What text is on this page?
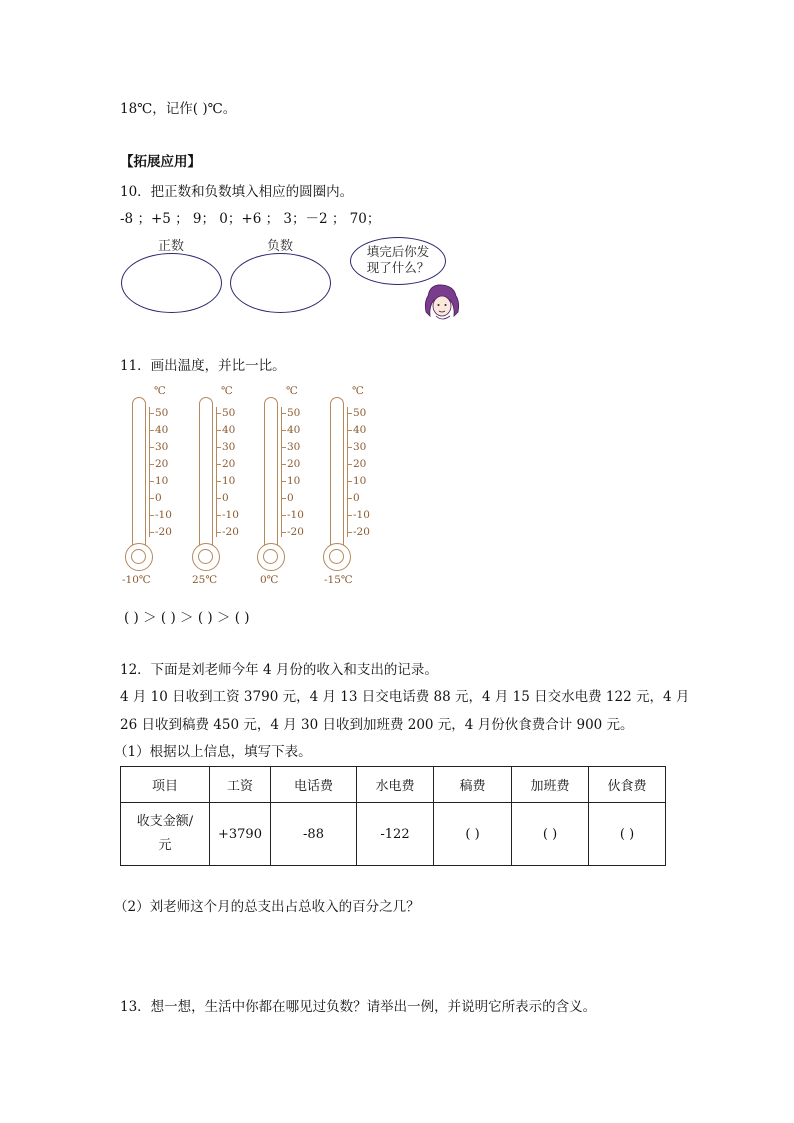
18℃，记作( )℃。
【拓展应用】
10．把正数和负数填入相应的圆圈内。
-8 ；+5 ； 9； 0；+6 ； 3；－2 ； 70；
正数	负数	填完后你发
现了什么？
11．画出温度，并比一比。
℃
50
40
30
20
10
0
-10
-20
-10℃
℃
50
40
30
20
10
0
-10
-20
25℃
℃
50
40
30
20
10
0
-10
-20
0℃
℃
50
40
30
20
10
0
-10
-20
-15℃
( ) ＞ ( ) ＞ ( ) ＞ ( )
12．下面是刘老师今年 4 月份的收入和支出的记录。
4 月 10 日收到工资 3790 元，4 月 13 日交电话费 88 元，4 月 15 日交水电费 122 元，4 月
26 日收到稿费 450 元，4 月 30 日收到加班费 200 元，4 月份伙食费合计 900 元。
（1）根据以上信息，填写下表。
项目	工资	电话费	水电费	稿费	加班费	伙食费

收支金额/
元	+3790	-88	-122	( )	( )	( )
（2）刘老师这个月的总支出占总收入的百分之几？
13．想一想，生活中你都在哪见过负数？请举出一例，并说明它所表示的含义。
